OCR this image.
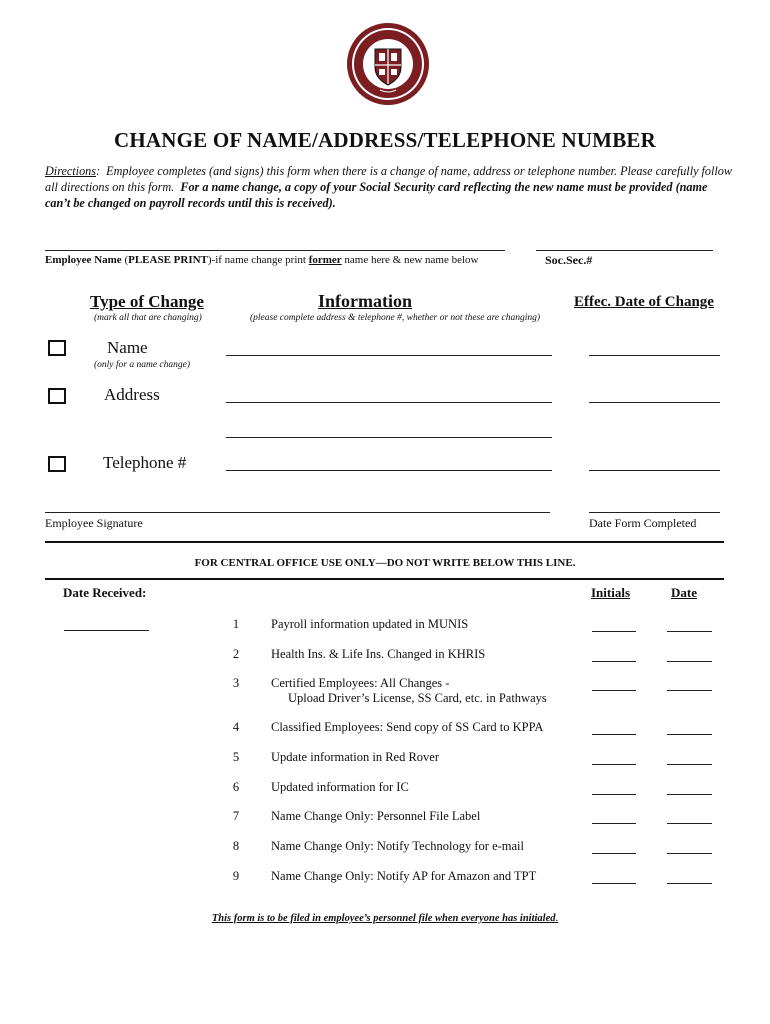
CHANGE OF NAME/ADDRESS/TELEPHONE NUMBER
Directions: Employee completes (and signs) this form when there is a change of name, address or telephone number. Please carefully follow all directions on this form. For a name change, a copy of your Social Security card reflecting the new name must be provided (name can’t be changed on payroll records until this is received).
Employee Name (PLEASE PRINT)-if name change print former name here & new name below	Soc.Sec.#
Type of Change	Information	Effec. Date of Change
(mark all that are changing)	(please complete address & telephone #, whether or not these are changing)
Name
(only for a name change)
Address
Telephone #
Employee Signature	Date Form Completed
FOR CENTRAL OFFICE USE ONLY—DO NOT WRITE BELOW THIS LINE.
Date Received:	Initials	Date
1	Payroll information updated in MUNIS
2	Health Ins. & Life Ins. Changed in KHRIS
3	Certified Employees: All Changes -
Upload Driver’s License, SS Card, etc. in Pathways
4	Classified Employees: Send copy of SS Card to KPPA
5	Update information in Red Rover
6	Updated information for IC
7	Name Change Only: Personnel File Label
8	Name Change Only: Notify Technology for e-mail
9	Name Change Only: Notify AP for Amazon and TPT
This form is to be filed in employee’s personnel file when everyone has initialed.
